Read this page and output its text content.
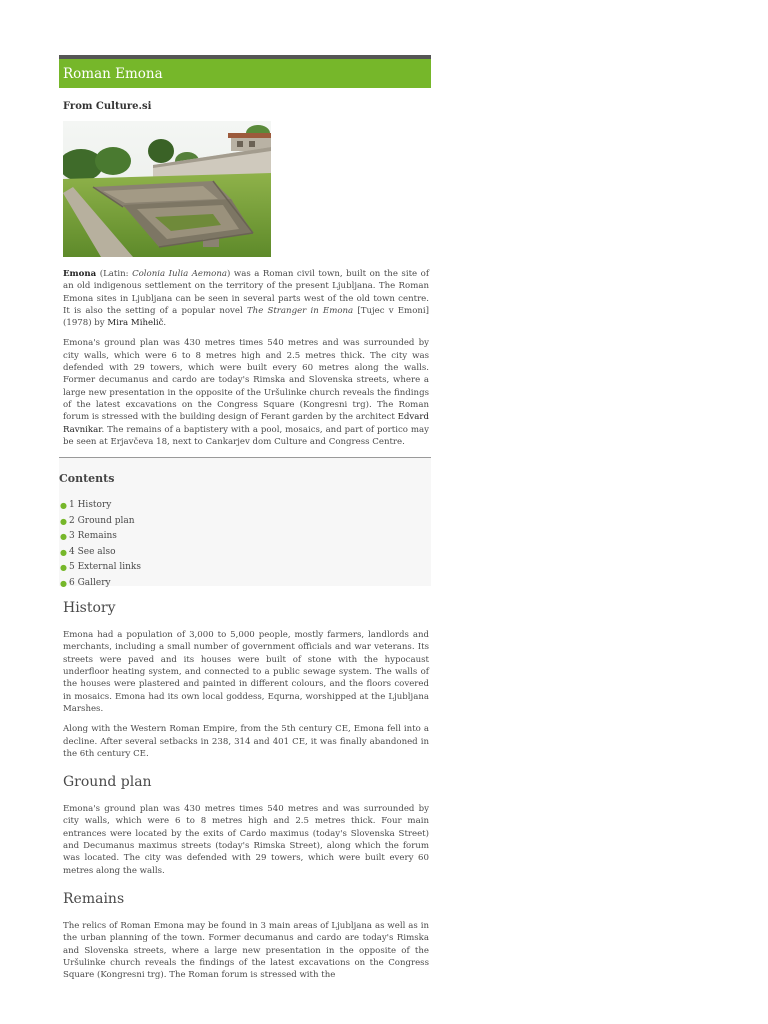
Roman Emona
From Culture.si
Emona (Latin: Colonia Iulia Aemona) was a Roman civil town, built on the site of an old indigenous settlement on the territory of the present Ljubljana. The Roman Emona sites in Ljubljana can be seen in several parts west of the old town centre. It is also the setting of a popular novel The Stranger in Emona [Tujec v Emoni] (1978) by Mira Mihelič.
Emona's ground plan was 430 metres times 540 metres and was surrounded by city walls, which were 6 to 8 metres high and 2.5 metres thick. The city was defended with 29 towers, which were built every 60 metres along the walls. Former decumanus and cardo are today's Rimska and Slovenska streets, where a large new presentation in the opposite of the Uršulinke church reveals the findings of the latest excavations on the Congress Square (Kongresni trg). The Roman forum is stressed with the building design of Ferant garden by the architect Edvard Ravnikar. The remains of a baptistery with a pool, mosaics, and part of portico may be seen at Erjavčeva 18, next to Cankarjev dom Culture and Congress Centre.
Contents
● 1 History
● 2 Ground plan
● 3 Remains
● 4 See also
● 5 External links
● 6 Gallery
History
Emona had a population of 3,000 to 5,000 people, mostly farmers, landlords and merchants, including a small number of government officials and war veterans. Its streets were paved and its houses were built of stone with the hypocaust underfloor heating system, and connected to a public sewage system. The walls of the houses were plastered and painted in different colours, and the floors covered in mosaics. Emona had its own local goddess, Equrna, worshipped at the Ljubljana Marshes.
Along with the Western Roman Empire, from the 5th century CE, Emona fell into a decline. After several setbacks in 238, 314 and 401 CE, it was finally abandoned in the 6th century CE.
Ground plan
Emona's ground plan was 430 metres times 540 metres and was surrounded by city walls, which were 6 to 8 metres high and 2.5 metres thick. Four main entrances were located by the exits of Cardo maximus (today's Slovenska Street) and Decumanus maximus streets (today's Rimska Street), along which the forum was located. The city was defended with 29 towers, which were built every 60 metres along the walls.
Remains
The relics of Roman Emona may be found in 3 main areas of Ljubljana as well as in the urban planning of the town. Former decumanus and cardo are today's Rimska and Slovenska streets, where a large new presentation in the opposite of the Uršulinke church reveals the findings of the latest excavations on the Congress Square (Kongresni trg). The Roman forum is stressed with the
